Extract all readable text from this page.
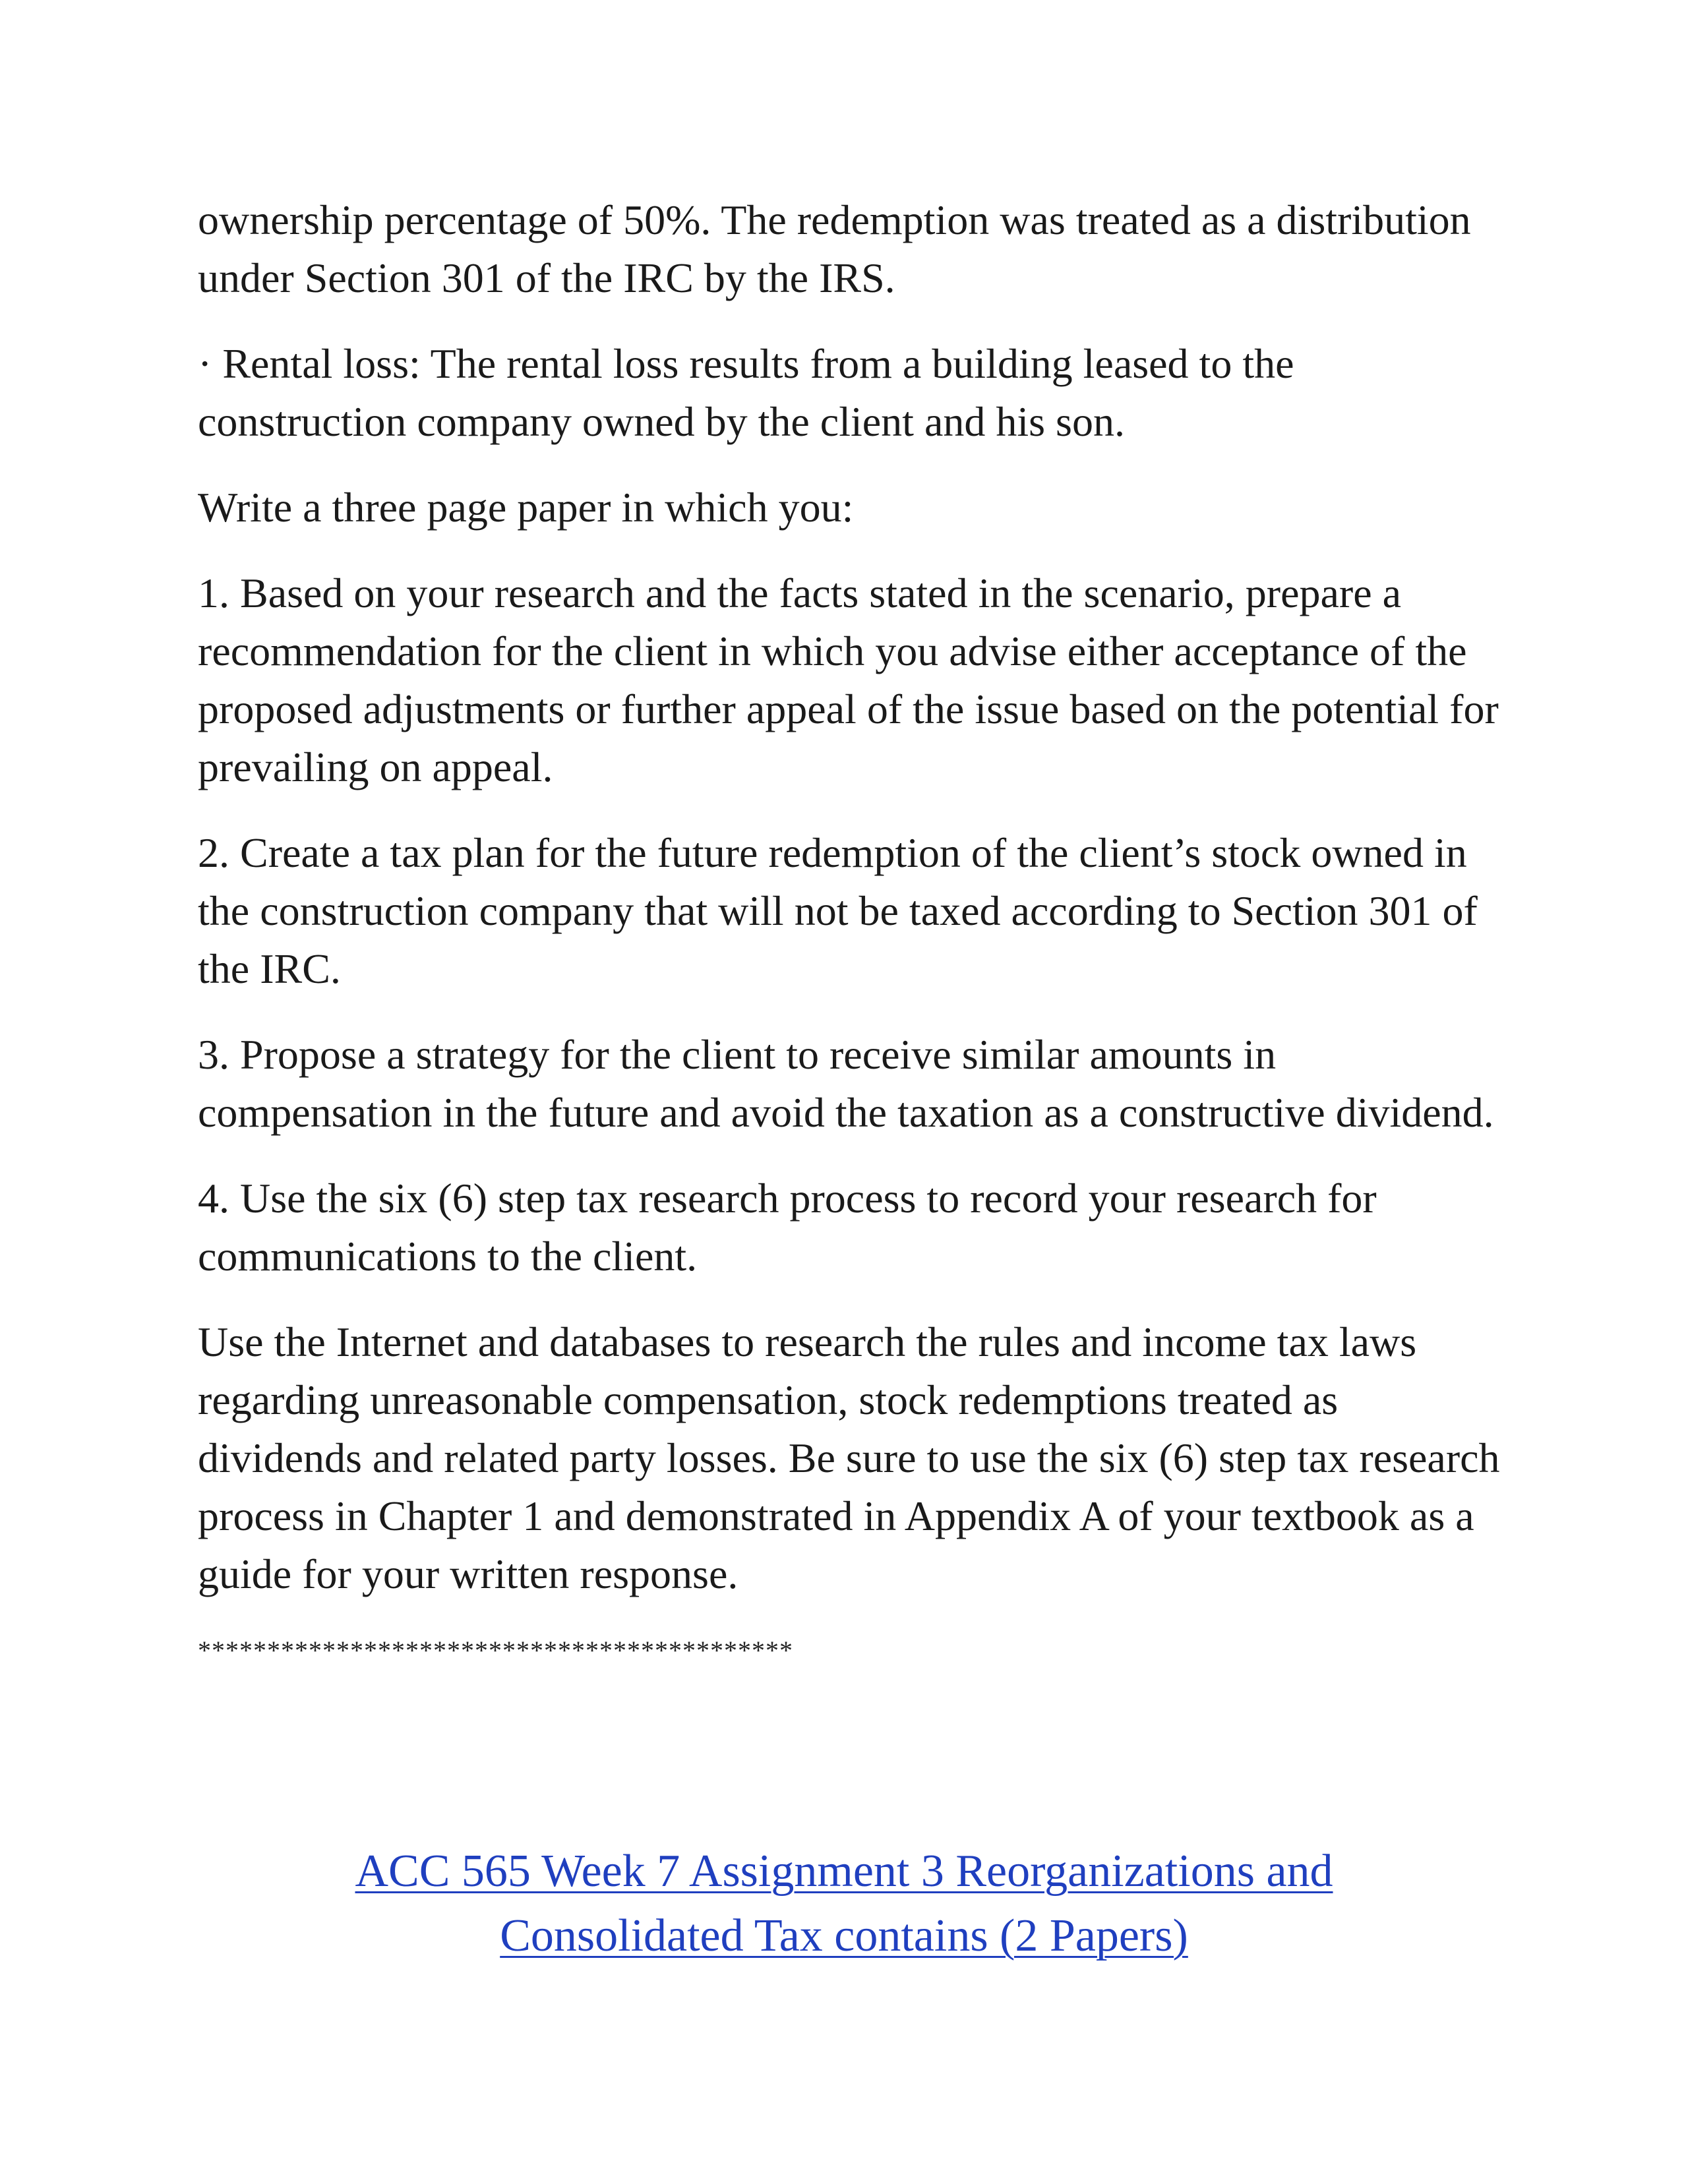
ownership percentage of 50%. The redemption was treated as a distribution under Section 301 of the IRC by the IRS.

· Rental loss: The rental loss results from a building leased to the construction company owned by the client and his son.

Write a three page paper in which you:

1. Based on your research and the facts stated in the scenario, prepare a recommendation for the client in which you advise either acceptance of the proposed adjustments or further appeal of the issue based on the potential for prevailing on appeal.

2. Create a tax plan for the future redemption of the client’s stock owned in the construction company that will not be taxed according to Section 301 of the IRC.

3. Propose a strategy for the client to receive similar amounts in compensation in the future and avoid the taxation as a constructive dividend.

4. Use the six (6) step tax research process to record your research for communications to the client.

Use the Internet and databases to research the rules and income tax laws regarding unreasonable compensation, stock redemptions treated as dividends and related party losses. Be sure to use the six (6) step tax research process in Chapter 1 and demonstrated in Appendix A of your textbook as a guide for your written response.

*******************************************
ACC 565 Week 7 Assignment 3 Reorganizations and
Consolidated Tax contains (2 Papers)
